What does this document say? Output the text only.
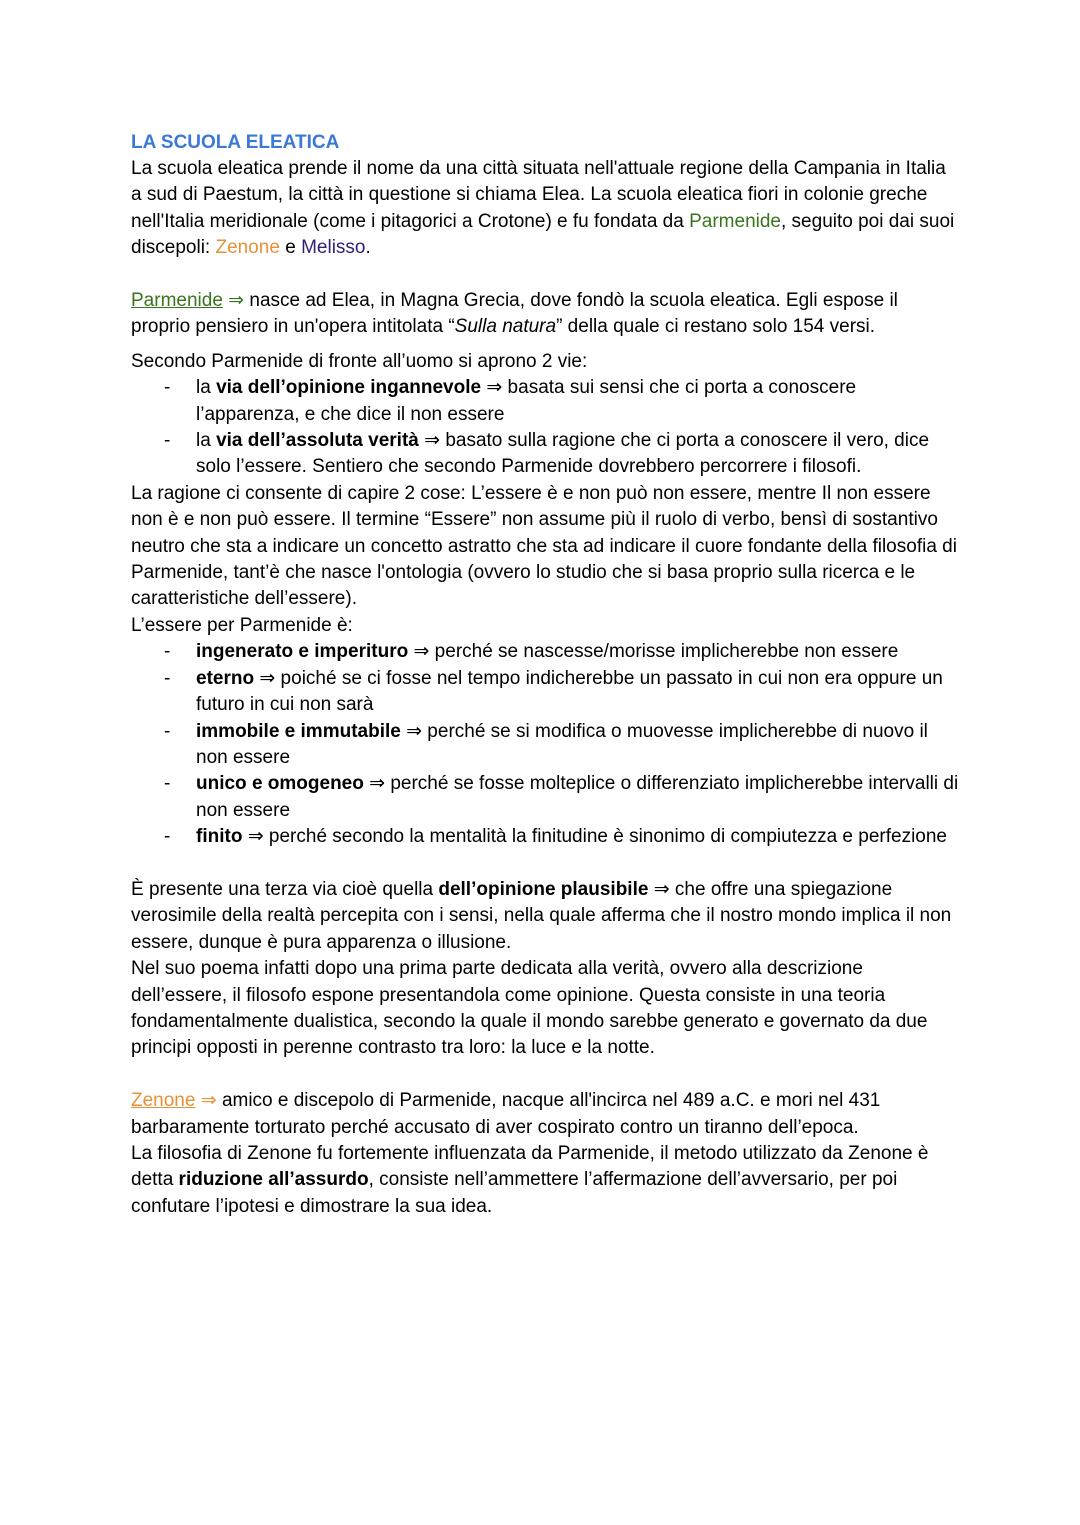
LA SCUOLA ELEATICA

La scuola eleatica prende il nome da una città situata nell'attuale regione della Campania in Italia a sud di Paestum, la città in questione si chiama Elea. La scuola eleatica fiori in colonie greche nell'Italia meridionale (come i pitagorici a Crotone) e fu fondata da Parmenide, seguito poi dai suoi discepoli: Zenone e Melisso.

Parmenide ⇒ nasce ad Elea, in Magna Grecia, dove fondò la scuola eleatica. Egli espose il proprio pensiero in un'opera intitolata “Sulla natura” della quale ci restano solo 154 versi.

Secondo Parmenide di fronte all’uomo si aprono 2 vie:

- la via dell’opinione ingannevole ⇒ basata sui sensi che ci porta a conoscere l’apparenza, e che dice il non essere
- la via dell’assoluta verità ⇒ basato sulla ragione che ci porta a conoscere il vero, dice solo l’essere. Sentiero che secondo Parmenide dovrebbero percorrere i filosofi.

La ragione ci consente di capire 2 cose: L’essere è e non può non essere, mentre Il non essere non è e non può essere. Il termine “Essere” non assume più il ruolo di verbo, bensì di sostantivo neutro che sta a indicare un concetto astratto che sta ad indicare il cuore fondante della filosofia di Parmenide, tant’è che nasce l'ontologia (ovvero lo studio che si basa proprio sulla ricerca e le caratteristiche dell’essere).

L’essere per Parmenide è:

- ingenerato e imperituro ⇒ perché se nascesse/morisse implicherebbe non essere
- eterno ⇒ poiché se ci fosse nel tempo indicherebbe un passato in cui non era oppure un futuro in cui non sarà
- immobile e immutabile ⇒ perché se si modifica o muovesse implicherebbe di nuovo il non essere
- unico e omogeneo ⇒ perché se fosse molteplice o differenziato implicherebbe intervalli di non essere
- finito ⇒ perché secondo la mentalità la finitudine è sinonimo di compiutezza e perfezione

È presente una terza via cioè quella dell’opinione plausibile ⇒ che offre una spiegazione verosimile della realtà percepita con i sensi, nella quale afferma che il nostro mondo implica il non essere, dunque è pura apparenza o illusione.

Nel suo poema infatti dopo una prima parte dedicata alla verità, ovvero alla descrizione dell’essere, il filosofo espone presentandola come opinione. Questa consiste in una teoria fondamentalmente dualistica, secondo la quale il mondo sarebbe generato e governato da due principi opposti in perenne contrasto tra loro: la luce e la notte.

Zenone ⇒ amico e discepolo di Parmenide, nacque all'incirca nel 489 a.C. e mori nel 431 barbaramente torturato perché accusato di aver cospirato contro un tiranno dell’epoca.

La filosofia di Zenone fu fortemente influenzata da Parmenide, il metodo utilizzato da Zenone è detta riduzione all’assurdo, consiste nell’ammettere l’affermazione dell’avversario, per poi confutare l’ipotesi e dimostrare la sua idea.
